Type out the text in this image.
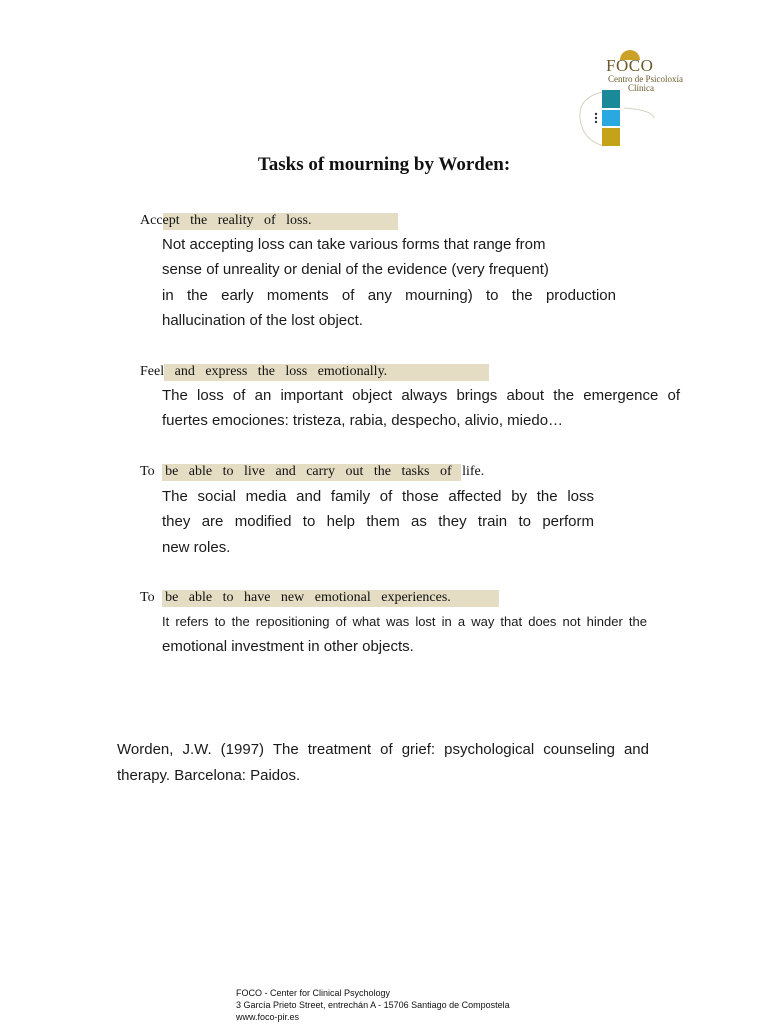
FOCO
Centro de Psicoloxía
Clínica
Tasks of mourning by Worden:
Accept   the   reality   of   loss.
Not accepting loss can take various forms that range from
sense of unreality or denial of the evidence (very frequent)
in the early moments of any mourning) to the production
hallucination of the lost object.
Feel   and   express   the   loss   emotionally.
The loss of an important object always brings about the emergence of
fuertes emociones: tristeza, rabia, despecho, alivio, miedo…
To   be   able   to   live   and   carry   out   the   tasks   of   life.
The social media and family of those affected by the loss
they are modified to help them as they train to perform
new roles.
To   be   able   to   have   new   emotional   experiences.
It refers to the repositioning of what was lost in a way that does not hinder the
emotional investment in other objects.
Worden, J.W. (1997) The treatment of grief: psychological counseling and
therapy. Barcelona: Paidos.
FOCO - Center for Clinical Psychology
3 García Prieto Street, entrechán A - 15706 Santiago de Compostela
www.foco-pir.es
